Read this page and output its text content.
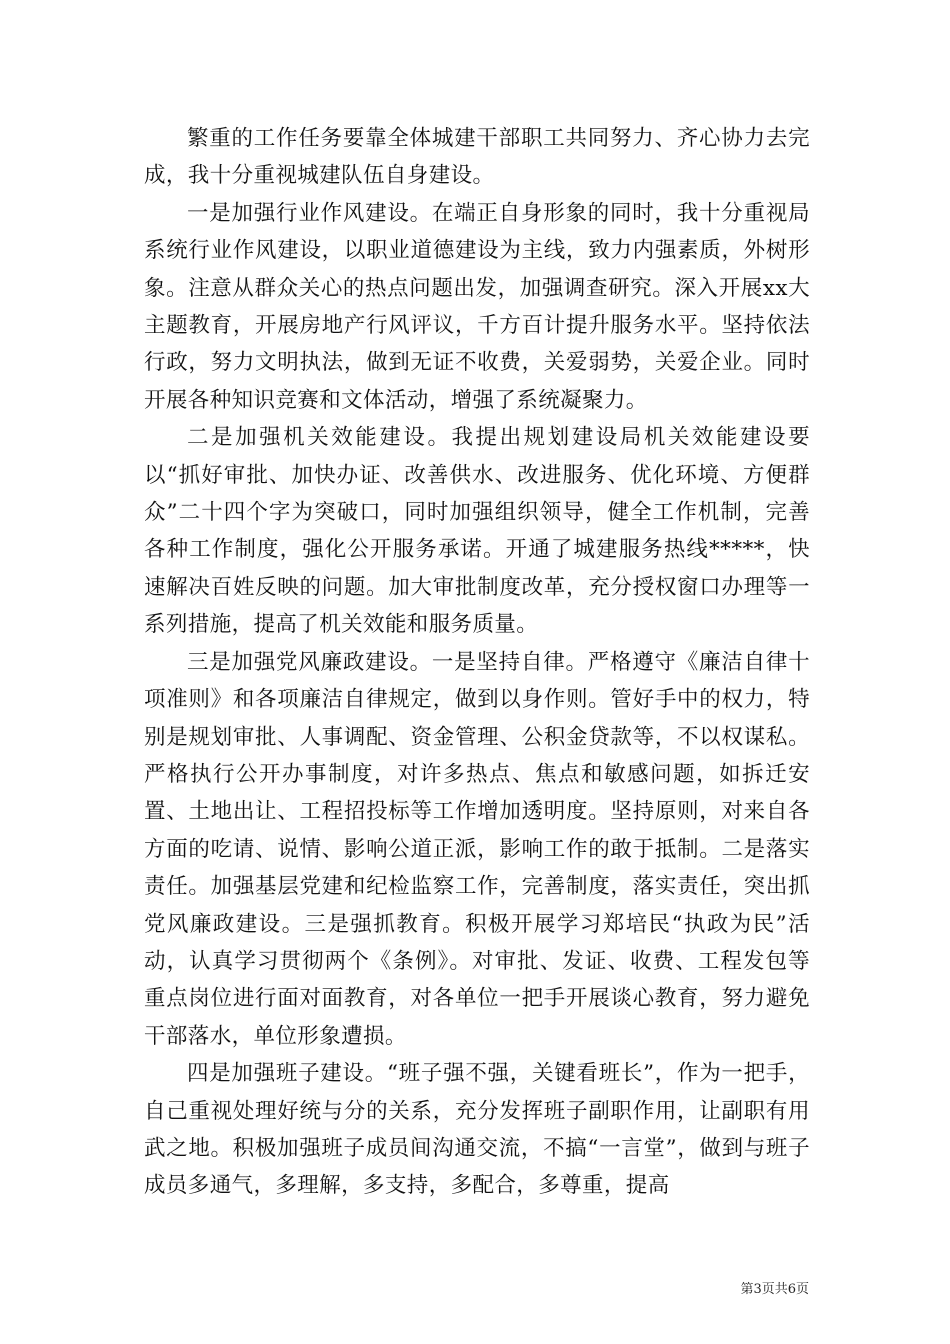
繁重的工作任务要靠全体城建干部职工共同努力、齐心协力去完成，我十分重视城建队伍自身建设。

一是加强行业作风建设。在端正自身形象的同时，我十分重视局系统行业作风建设，以职业道德建设为主线，致力内强素质，外树形象。注意从群众关心的热点问题出发，加强调查研究。深入开展xx大主题教育，开展房地产行风评议，千方百计提升服务水平。坚持依法行政，努力文明执法，做到无证不收费，关爱弱势，关爱企业。同时开展各种知识竞赛和文体活动，增强了系统凝聚力。

二是加强机关效能建设。我提出规划建设局机关效能建设要以“抓好审批、加快办证、改善供水、改进服务、优化环境、方便群众”二十四个字为突破口，同时加强组织领导，健全工作机制，完善各种工作制度，强化公开服务承诺。开通了城建服务热线*****，快速解决百姓反映的问题。加大审批制度改革，充分授权窗口办理等一系列措施，提高了机关效能和服务质量。

三是加强党风廉政建设。一是坚持自律。严格遵守《廉洁自律十项准则》和各项廉洁自律规定，做到以身作则。管好手中的权力，特别是规划审批、人事调配、资金管理、公积金贷款等，不以权谋私。严格执行公开办事制度，对许多热点、焦点和敏感问题，如拆迁安置、土地出让、工程招投标等工作增加透明度。坚持原则，对来自各方面的吃请、说情、影响公道正派，影响工作的敢于抵制。二是落实责任。加强基层党建和纪检监察工作，完善制度，落实责任，突出抓党风廉政建设。三是强抓教育。积极开展学习郑培民“执政为民”活动，认真学习贯彻两个《条例》。对审批、发证、收费、工程发包等重点岗位进行面对面教育，对各单位一把手开展谈心教育，努力避免干部落水，单位形象遭损。

四是加强班子建设。“班子强不强，关键看班长”，作为一把手，自己重视处理好统与分的关系，充分发挥班子副职作用，让副职有用武之地。积极加强班子成员间沟通交流，不搞“一言堂”，做到与班子成员多通气，多理解，多支持，多配合，多尊重，提高

第3页共6页
